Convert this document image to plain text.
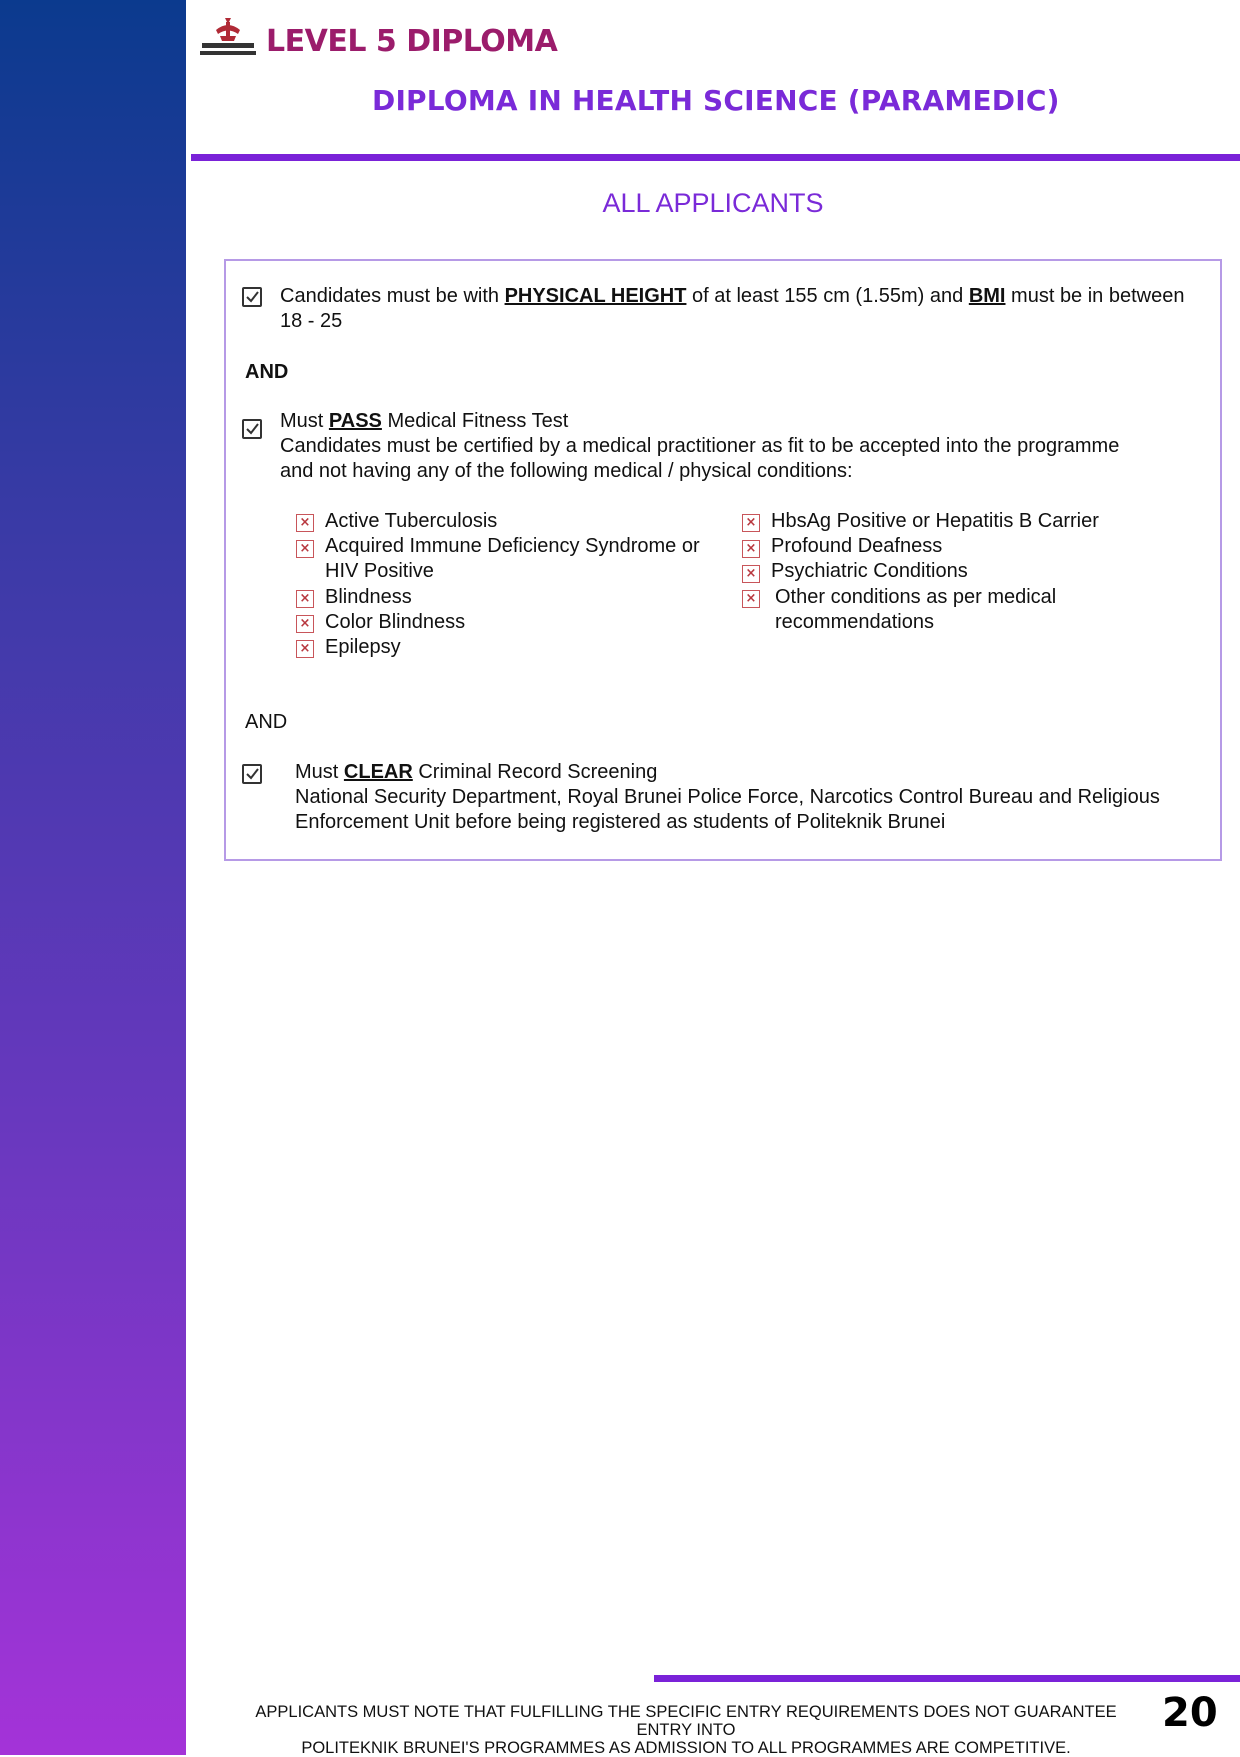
LEVEL 5 DIPLOMA
DIPLOMA IN HEALTH SCIENCE (PARAMEDIC)
ALL APPLICANTS
Candidates must be with PHYSICAL HEIGHT of at least 155 cm (1.55m) and BMI must be in between
18 - 25
AND
Must PASS Medical Fitness Test
Candidates must be certified by a medical practitioner as fit to be accepted into the programme
and not having any of the following medical / physical conditions:
× Active Tuberculosis
× Acquired Immune Deficiency Syndrome or
HIV Positive
× Blindness
× Color Blindness
× Epilepsy
× HbsAg Positive or Hepatitis B Carrier
× Profound Deafness
× Psychiatric Conditions
× Other conditions as per medical
recommendations
AND
Must CLEAR Criminal Record Screening
National Security Department, Royal Brunei Police Force, Narcotics Control Bureau and Religious
Enforcement Unit before being registered as students of Politeknik Brunei
APPLICANTS MUST NOTE THAT FULFILLING THE SPECIFIC ENTRY REQUIREMENTS DOES NOT GUARANTEE ENTRY INTO
POLITEKNIK BRUNEI'S PROGRAMMES AS ADMISSION TO ALL PROGRAMMES ARE COMPETITIVE.
20
